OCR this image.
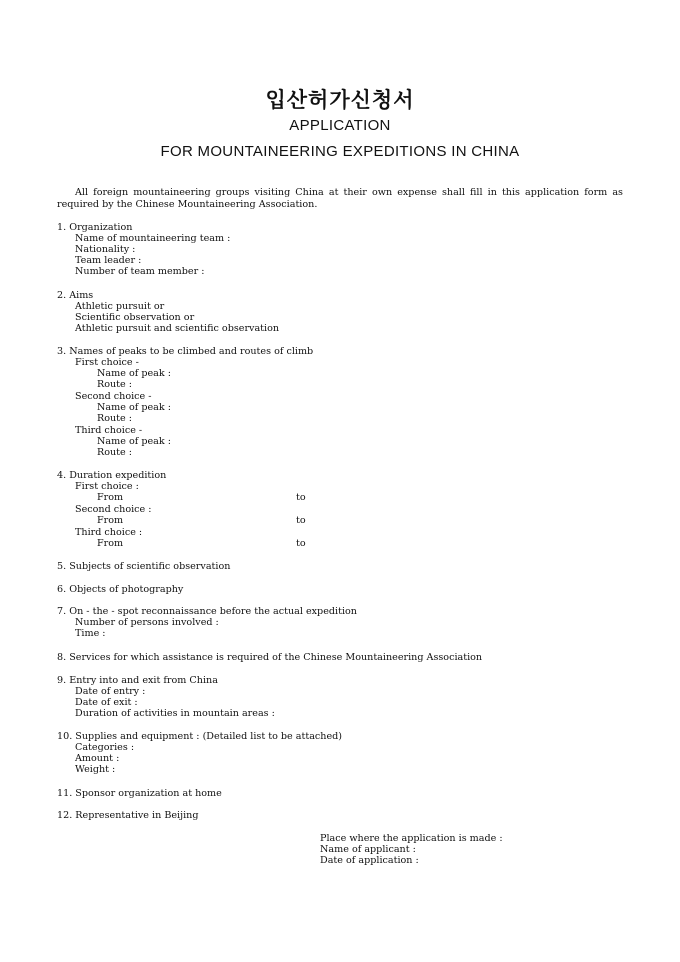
입산허가신청서
APPLICATION
FOR MOUNTAINEERING EXPEDITIONS IN CHINA
All foreign mountaineering groups visiting China at their own expense shall fill in this application form as required by the Chinese Mountaineering Association.
1. Organization
Name of mountaineering team :
Nationality :
Team leader :
Number of team member :
2. Aims
Athletic pursuit or
Scientific observation or
Athletic pursuit and scientific observation
3. Names of peaks to be climbed and routes of climb
First choice -
Name of peak :
Route :
Second choice -
Name of peak :
Route :
Third choice -
Name of peak :
Route :
4. Duration expedition
First choice :
From	to
Second choice :
From	to
Third choice :
From	to
5. Subjects of scientific observation
6. Objects of photography
7. On - the - spot reconnaissance before the actual expedition
Number of persons involved :
Time :
8. Services for which assistance is required of the Chinese Mountaineering Association
9. Entry into and exit from China
Date of entry :
Date of exit :
Duration of activities in mountain areas :
10. Supplies and equipment : (Detailed list to be attached)
Categories :
Amount :
Weight :
11. Sponsor organization at home
12. Representative in Beijing
Place where the application is made :
Name of applicant :
Date of application :
